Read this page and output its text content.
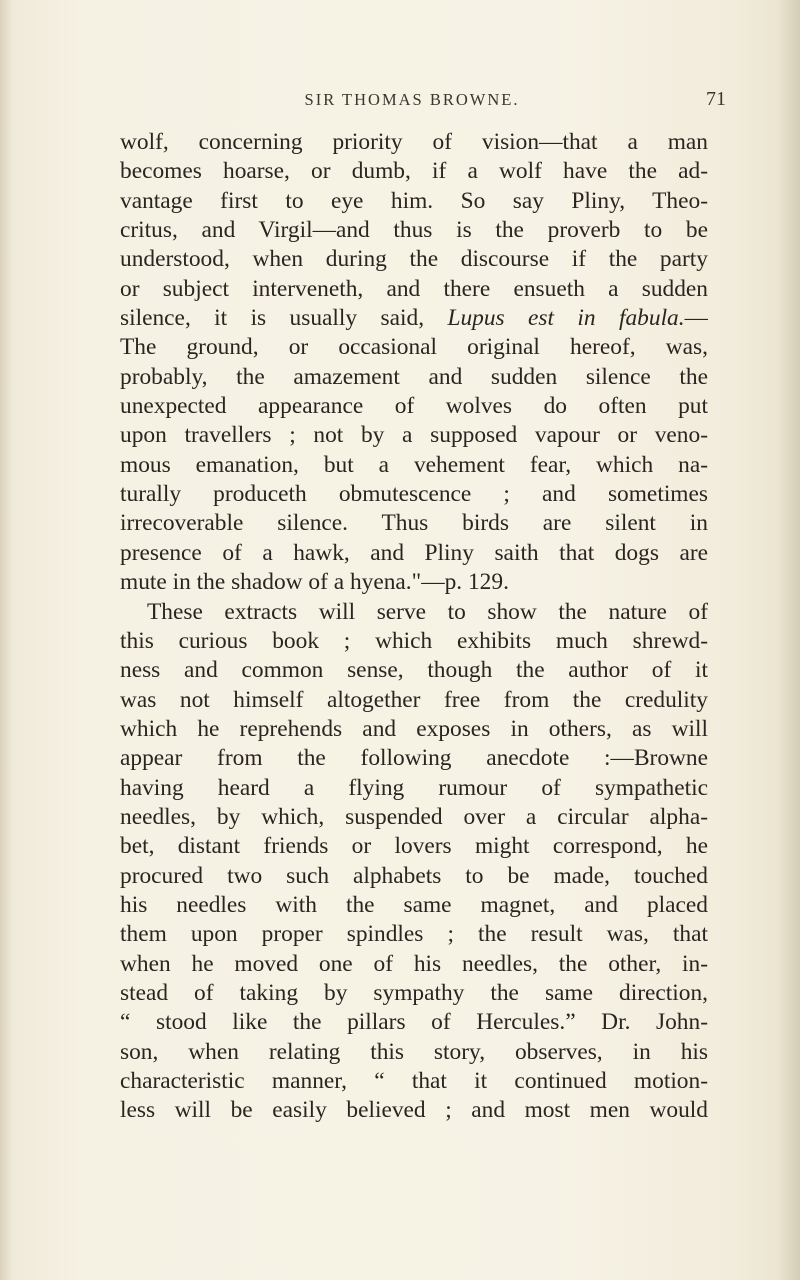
SIR THOMAS BROWNE.	71
wolf, concerning priority of vision—that a man
becomes hoarse, or dumb, if a wolf have the ad-
vantage first to eye him. So say Pliny, Theo-
critus, and Virgil—and thus is the proverb to be
understood, when during the discourse if the party
or subject interveneth, and there ensueth a sudden
silence, it is usually said, Lupus est in fabula.—
The ground, or occasional original hereof, was,
probably, the amazement and sudden silence the
unexpected appearance of wolves do often put
upon travellers ; not by a supposed vapour or veno-
mous emanation, but a vehement fear, which na-
turally produceth obmutescence ; and sometimes
irrecoverable silence. Thus birds are silent in
presence of a hawk, and Pliny saith that dogs are
mute in the shadow of a hyena."—p. 129.
These extracts will serve to show the nature of
this curious book ; which exhibits much shrewd-
ness and common sense, though the author of it
was not himself altogether free from the credulity
which he reprehends and exposes in others, as will
appear from the following anecdote :—Browne
having heard a flying rumour of sympathetic
needles, by which, suspended over a circular alpha-
bet, distant friends or lovers might correspond, he
procured two such alphabets to be made, touched
his needles with the same magnet, and placed
them upon proper spindles ; the result was, that
when he moved one of his needles, the other, in-
stead of taking by sympathy the same direction,
“ stood like the pillars of Hercules.” Dr. John-
son, when relating this story, observes, in his
characteristic manner, “ that it continued motion-
less will be easily believed ; and most men would
